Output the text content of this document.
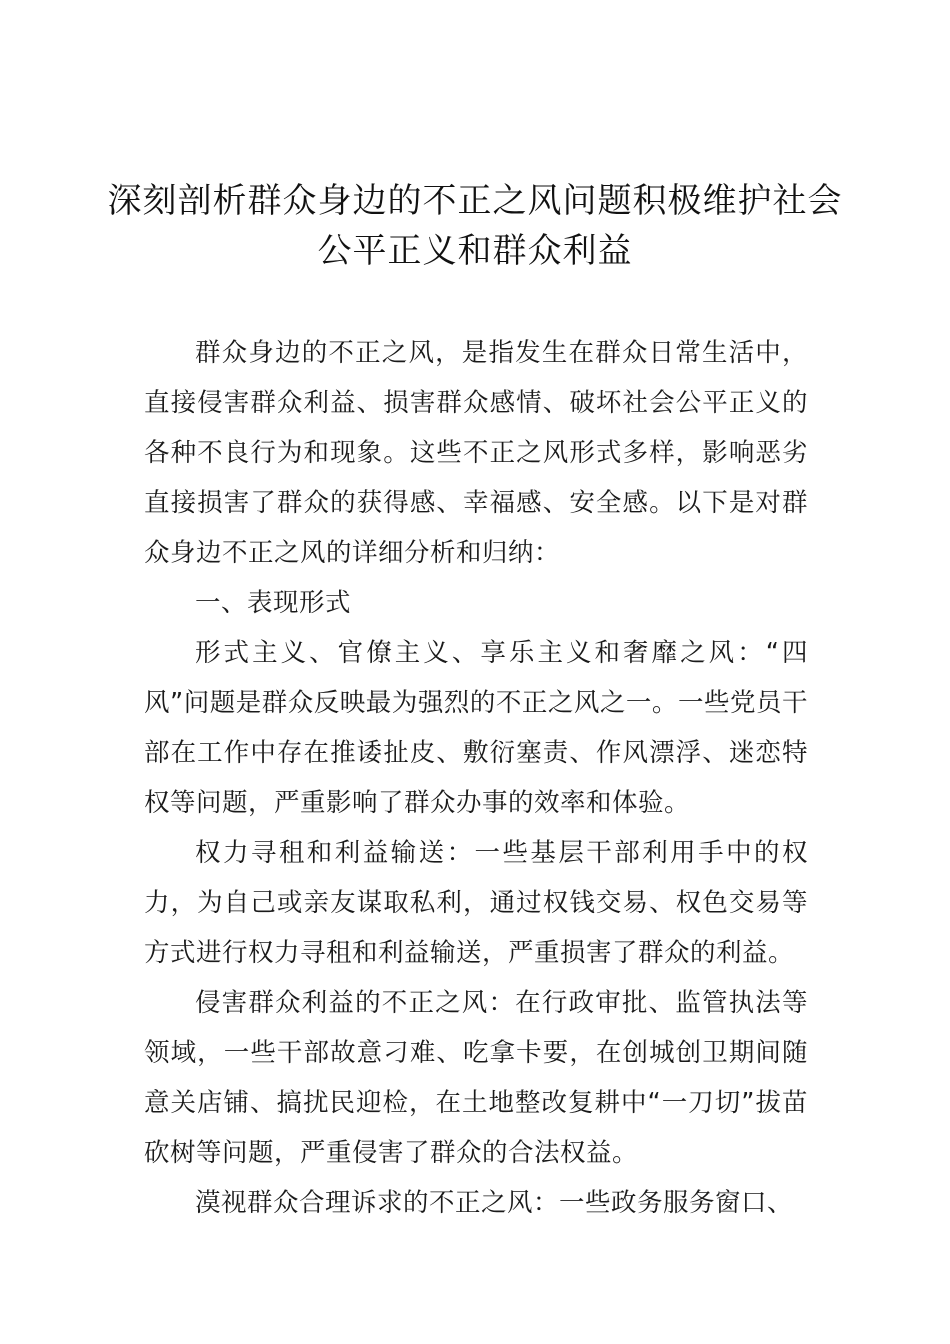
深刻剖析群众身边的不正之风问题积极维护社会公平正义和群众利益

群众身边的不正之风，是指发生在群众日常生活中，直接侵害群众利益、损害群众感情、破坏社会公平正义的各种不良行为和现象。这些不正之风形式多样，影响恶劣直接损害了群众的获得感、幸福感、安全感。以下是对群众身边不正之风的详细分析和归纳：

一、表现形式

形式主义、官僚主义、享乐主义和奢靡之风：“四风”问题是群众反映最为强烈的不正之风之一。一些党员干部在工作中存在推诿扯皮、敷衍塞责、作风漂浮、迷恋特权等问题，严重影响了群众办事的效率和体验。

权力寻租和利益输送：一些基层干部利用手中的权力，为自己或亲友谋取私利，通过权钱交易、权色交易等方式进行权力寻租和利益输送，严重损害了群众的利益。

侵害群众利益的不正之风：在行政审批、监管执法等领域，一些干部故意刁难、吃拿卡要，在创城创卫期间随意关店铺、搞扰民迎检，在土地整改复耕中“一刀切”拔苗砍树等问题，严重侵害了群众的合法权益。

漠视群众合理诉求的不正之风：一些政务服务窗口、
